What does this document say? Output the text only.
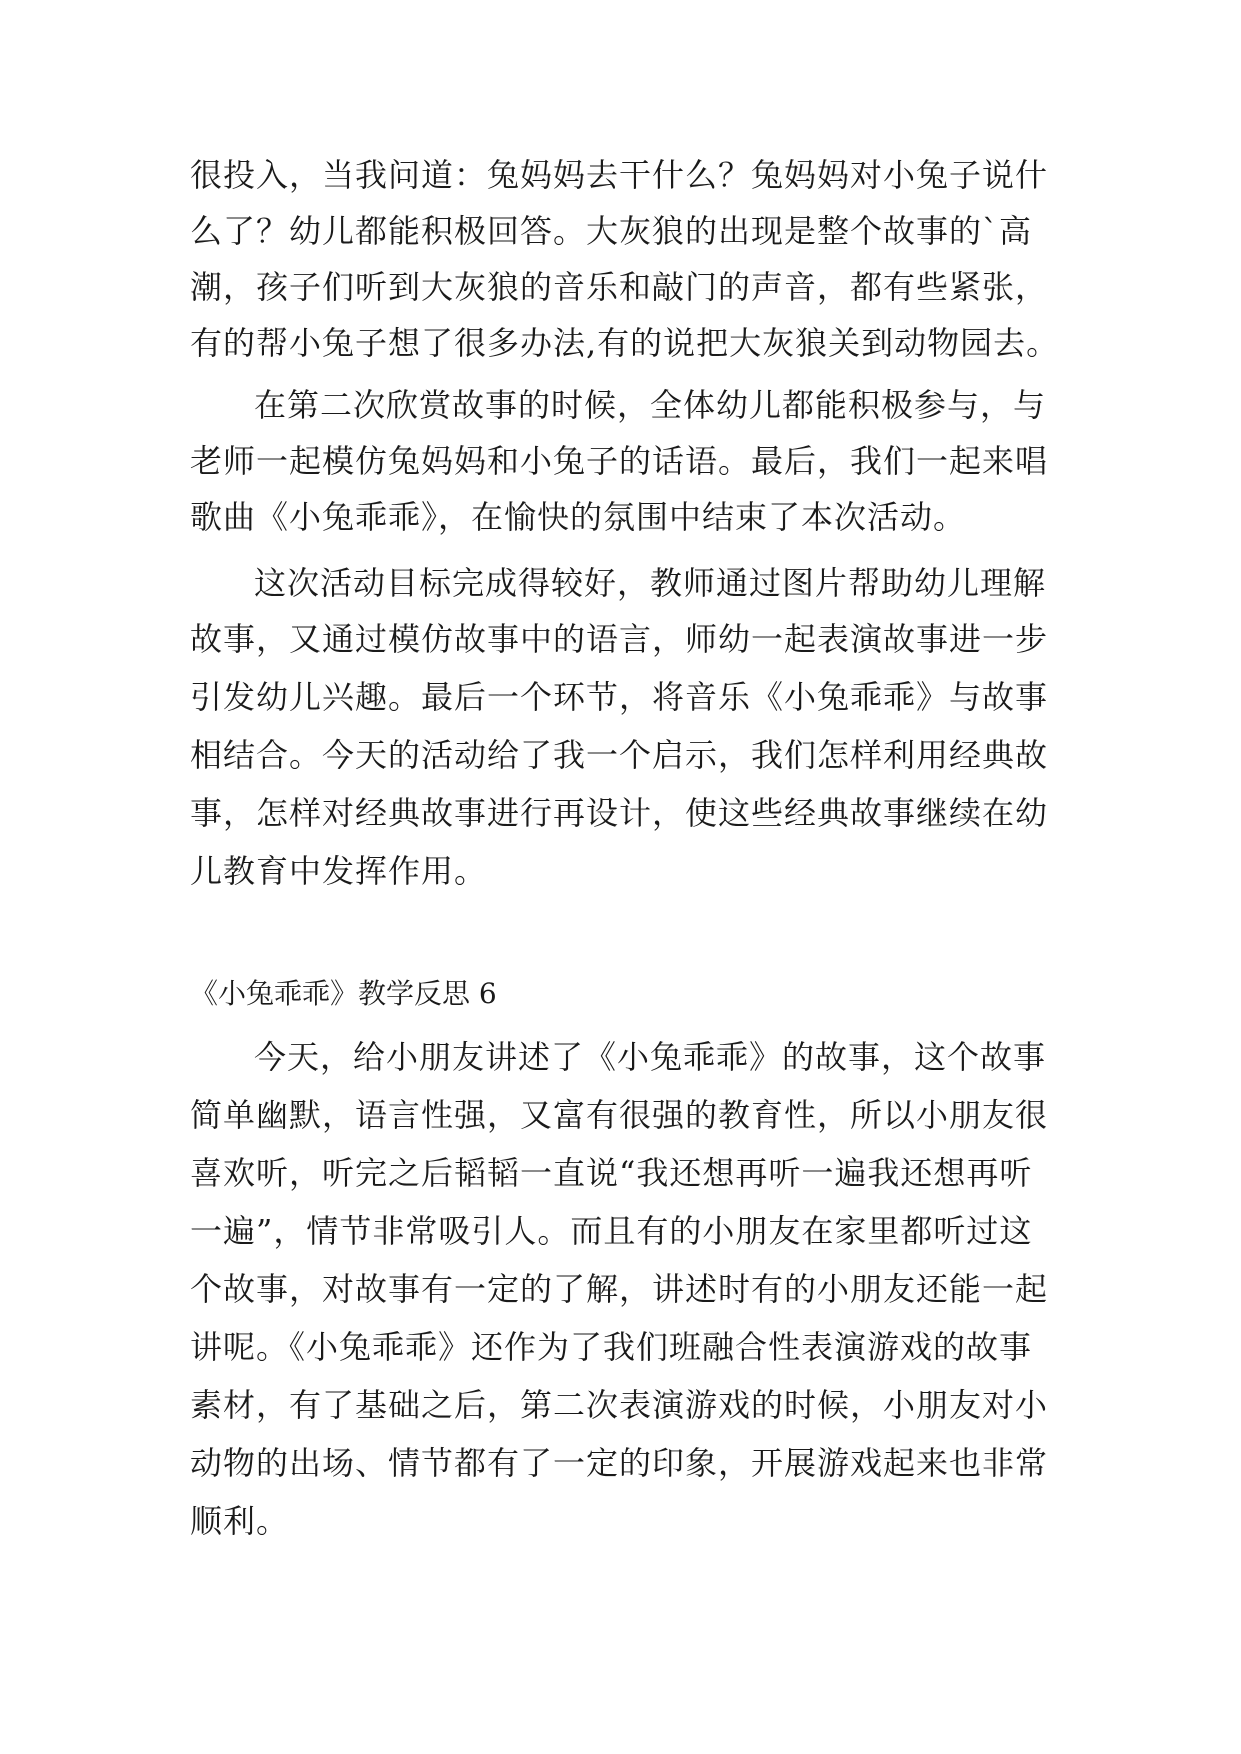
很投入，当我问道：兔妈妈去干什么？兔妈妈对小兔子说什
么了？幼儿都能积极回答。大灰狼的出现是整个故事的`高
潮，孩子们听到大灰狼的音乐和敲门的声音，都有些紧张，
有的帮小兔子想了很多办法,有的说把大灰狼关到动物园去。
在第二次欣赏故事的时候，全体幼儿都能积极参与，与
老师一起模仿兔妈妈和小兔子的话语。最后，我们一起来唱
歌曲《小兔乖乖》，在愉快的氛围中结束了本次活动。
这次活动目标完成得较好，教师通过图片帮助幼儿理解
故事，又通过模仿故事中的语言，师幼一起表演故事进一步
引发幼儿兴趣。最后一个环节，将音乐《小兔乖乖》与故事
相结合。今天的活动给了我一个启示，我们怎样利用经典故
事，怎样对经典故事进行再设计，使这些经典故事继续在幼
儿教育中发挥作用。
《小兔乖乖》教学反思 6
今天，给小朋友讲述了《小兔乖乖》的故事，这个故事
简单幽默，语言性强，又富有很强的教育性，所以小朋友很
喜欢听，听完之后韬韬一直说“我还想再听一遍我还想再听
一遍”，情节非常吸引人。而且有的小朋友在家里都听过这
个故事，对故事有一定的了解，讲述时有的小朋友还能一起
讲呢。《小兔乖乖》还作为了我们班融合性表演游戏的故事
素材，有了基础之后，第二次表演游戏的时候，小朋友对小
动物的出场、情节都有了一定的印象，开展游戏起来也非常
顺利。
